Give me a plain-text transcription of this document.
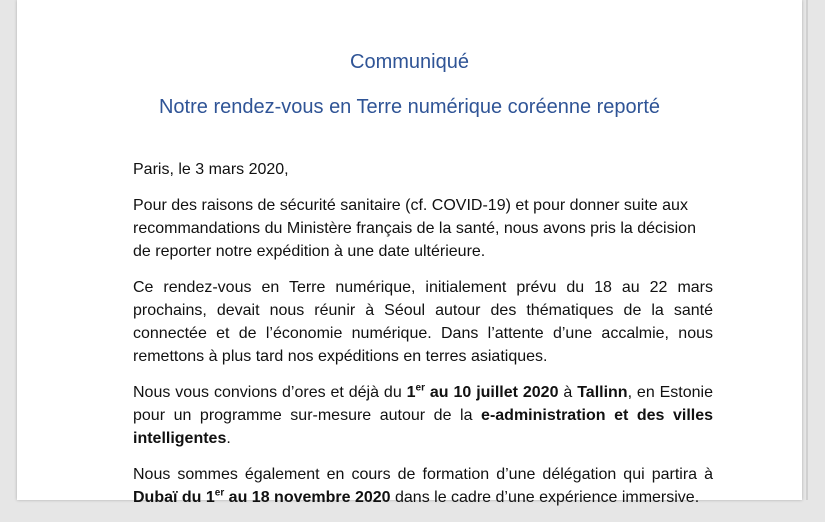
Communiqué
Notre rendez-vous en Terre numérique coréenne reporté

Paris, le 3 mars 2020,

Pour des raisons de sécurité sanitaire (cf. COVID-19) et pour donner suite aux recommandations du Ministère français de la santé, nous avons pris la décision de reporter notre expédition à une date ultérieure.

Ce rendez-vous en Terre numérique, initialement prévu du 18 au 22 mars prochains, devait nous réunir à Séoul autour des thématiques de la santé connectée et de l’économie numérique. Dans l’attente d’une accalmie, nous remettons à plus tard nos expéditions en terres asiatiques.

Nous vous convions d’ores et déjà du 1er au 10 juillet 2020 à Tallinn, en Estonie pour un programme sur-mesure autour de la e-administration et des villes intelligentes.

Nous sommes également en cours de formation d’une délégation qui partira à Dubaï du 1er au 18 novembre 2020 dans le cadre d’une expérience immersive.
